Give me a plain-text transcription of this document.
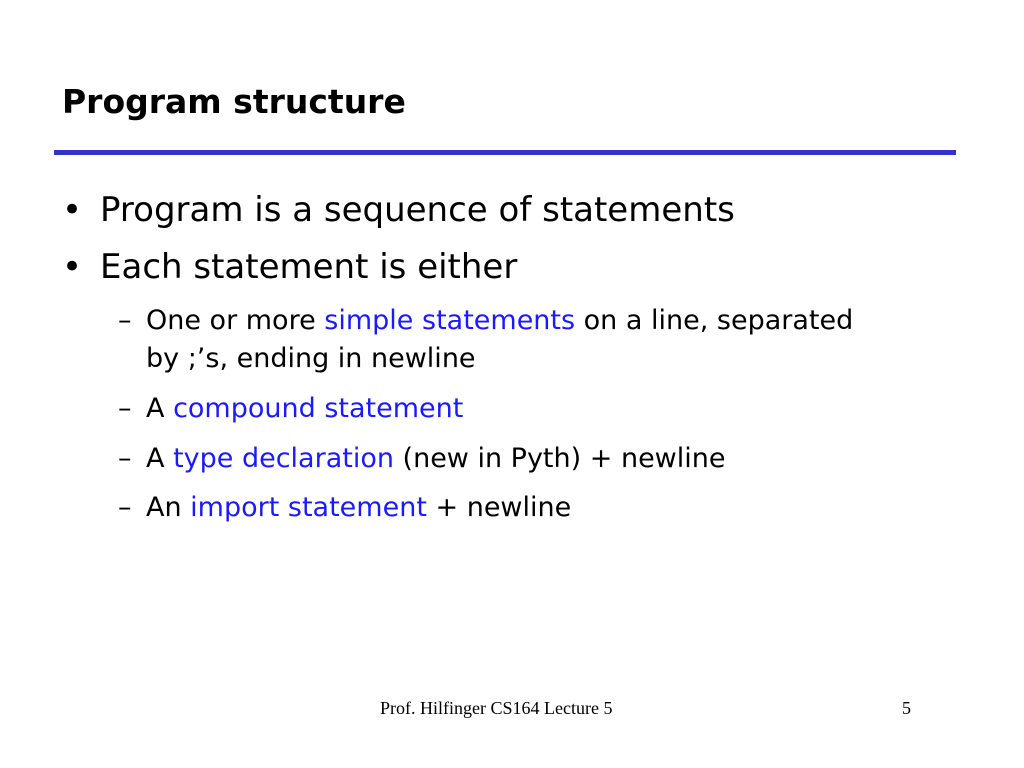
Program structure
• Program is a sequence of statements
• Each statement is either
– One or more simple statements on a line, separated
by ;’s, ending in newline
– A compound statement
– A type declaration (new in Pyth) + newline
– An import statement + newline
Prof. Hilfinger CS164 Lecture 5	5
